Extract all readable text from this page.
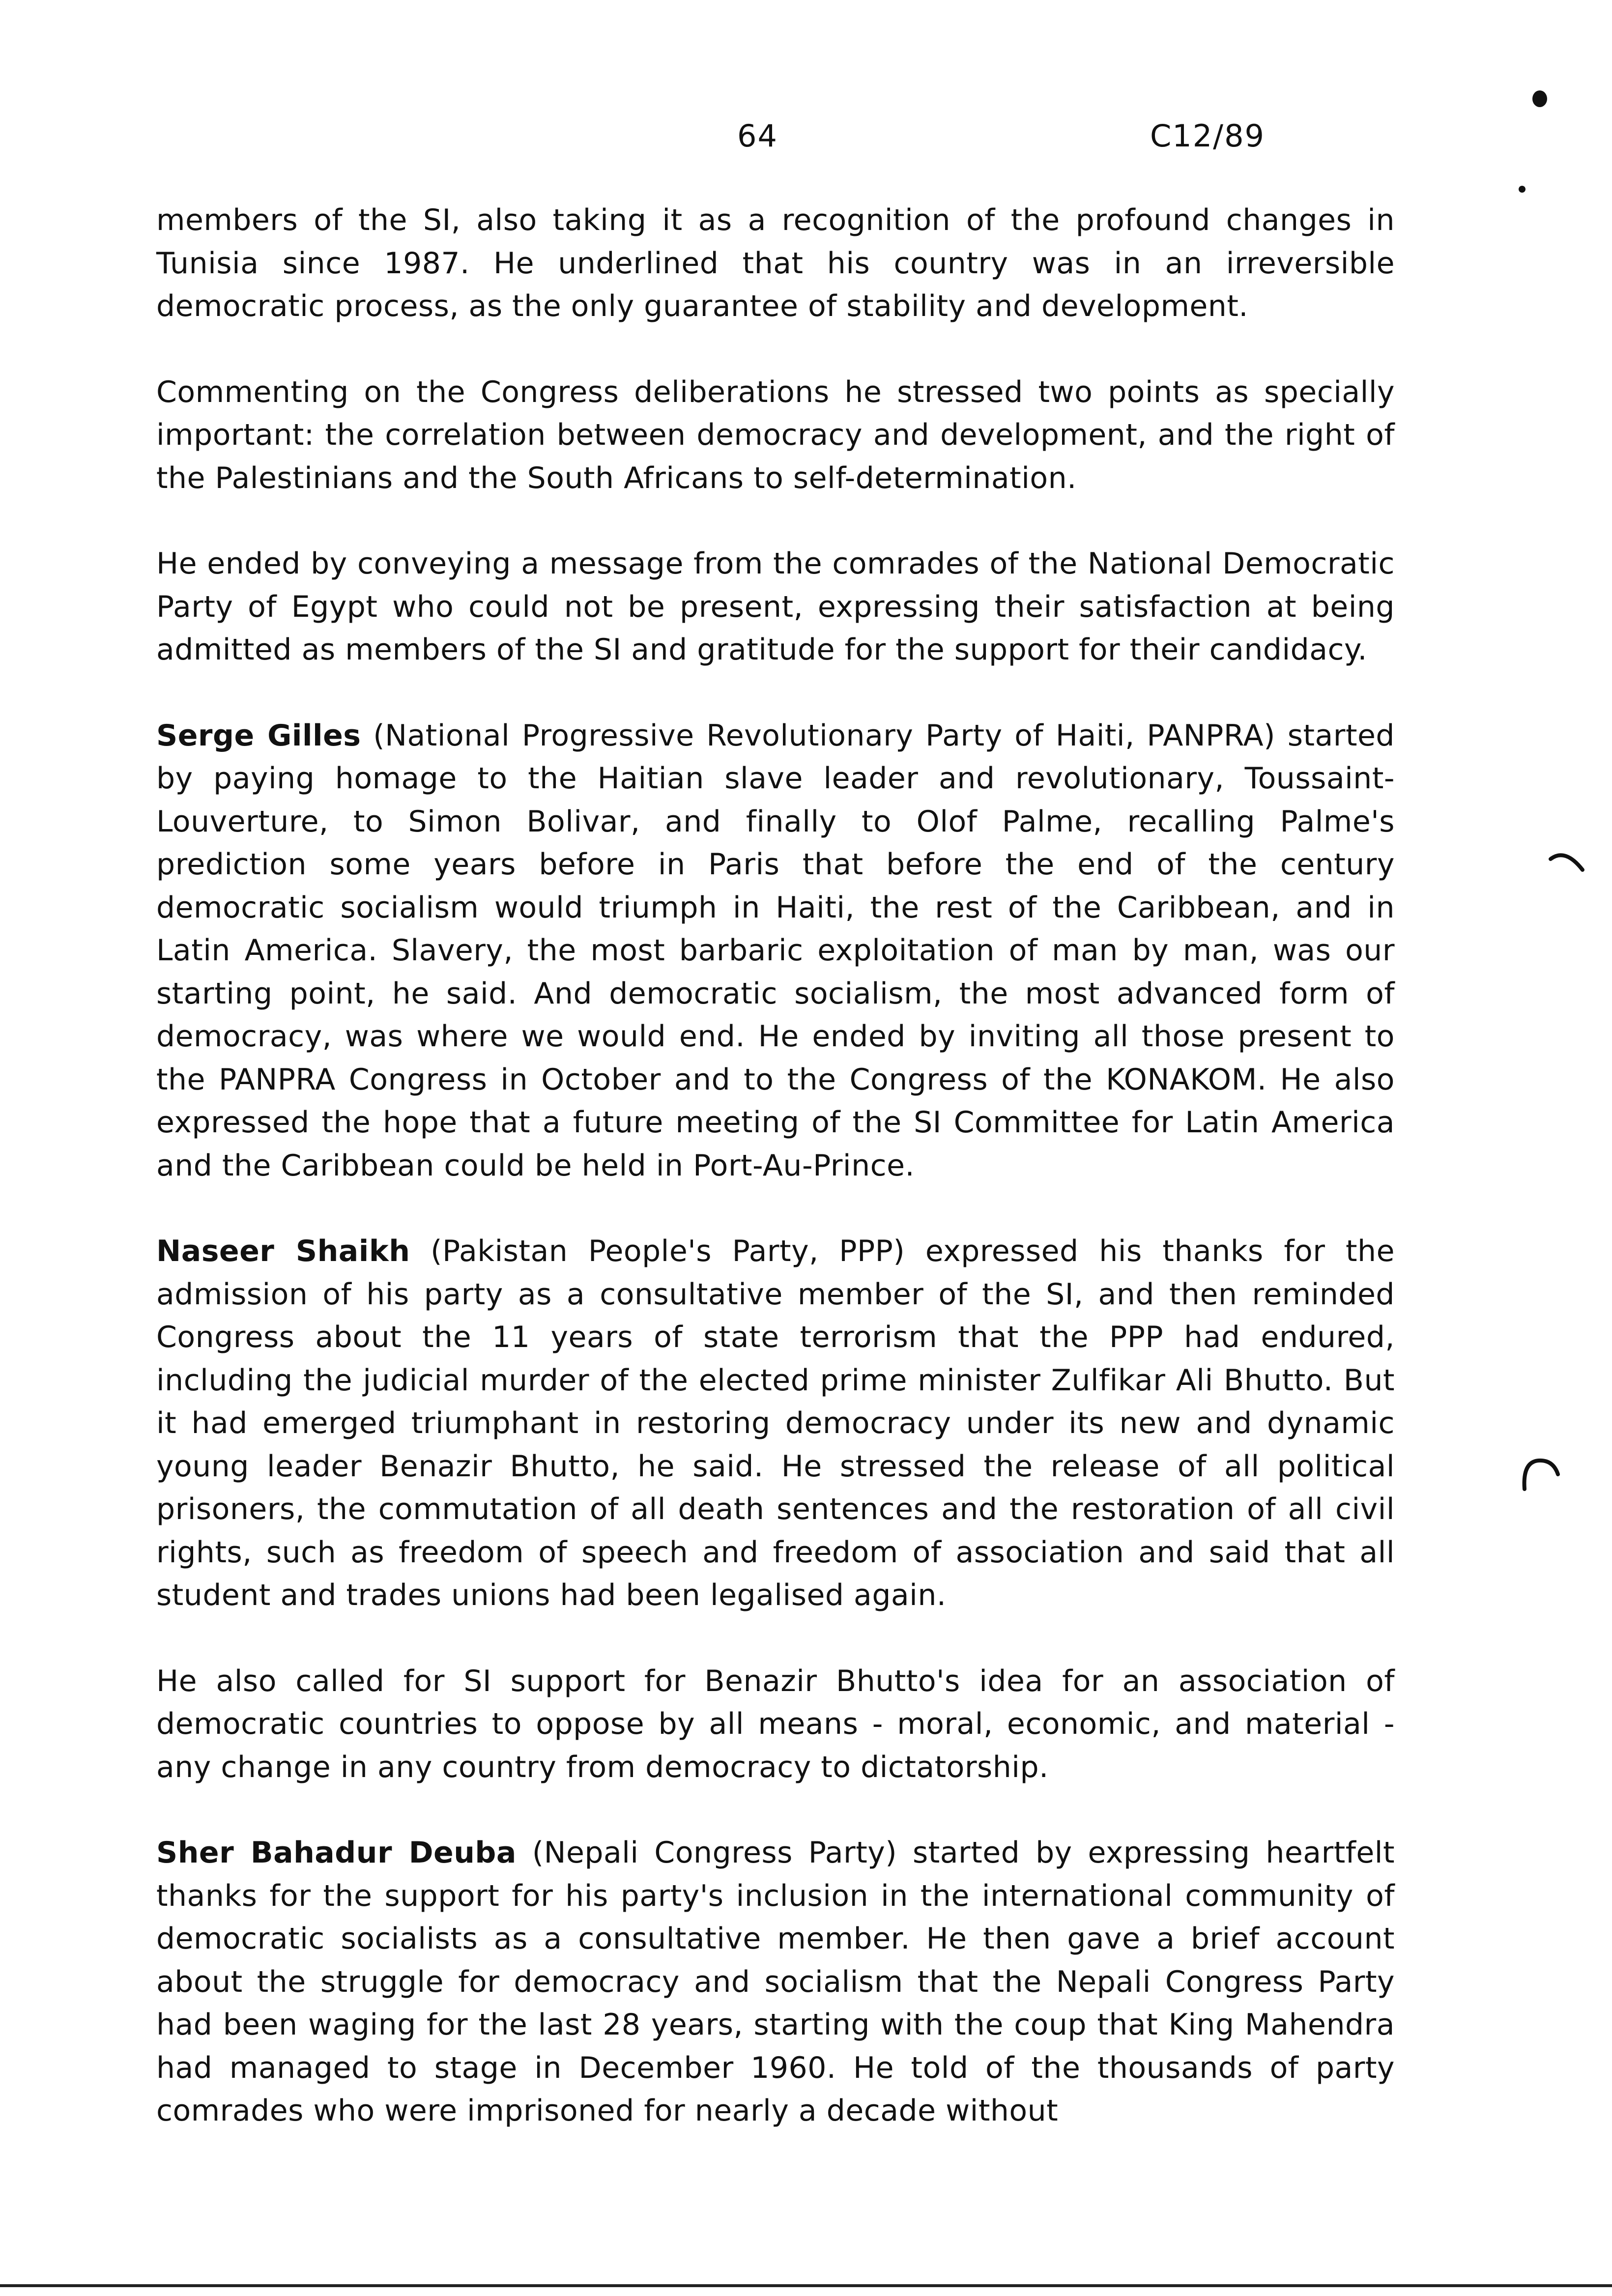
64	C12/89

members of the SI, also taking it as a recognition of the profound changes in Tunisia since 1987. He underlined that his country was in an irreversible democratic process, as the only guarantee of stability and development.

Commenting on the Congress deliberations he stressed two points as specially important: the correlation between democracy and development, and the right of the Palestinians and the South Africans to self-determination.

He ended by conveying a message from the comrades of the National Democratic Party of Egypt who could not be present, expressing their satisfaction at being admitted as members of the SI and gratitude for the support for their candidacy.

Serge Gilles (National Progressive Revolutionary Party of Haiti, PANPRA) started by paying homage to the Haitian slave leader and revolutionary, Toussaint-Louverture, to Simon Bolivar, and finally to Olof Palme, recalling Palme's prediction some years before in Paris that before the end of the century democratic socialism would triumph in Haiti, the rest of the Caribbean, and in Latin America. Slavery, the most barbaric exploitation of man by man, was our starting point, he said. And democratic socialism, the most advanced form of democracy, was where we would end. He ended by inviting all those present to the PANPRA Congress in October and to the Congress of the KONAKOM. He also expressed the hope that a future meeting of the SI Committee for Latin America and the Caribbean could be held in Port-Au-Prince.

Naseer Shaikh (Pakistan People's Party, PPP) expressed his thanks for the admission of his party as a consultative member of the SI, and then reminded Congress about the 11 years of state terrorism that the PPP had endured, including the judicial murder of the elected prime minister Zulfikar Ali Bhutto. But it had emerged triumphant in restoring democracy under its new and dynamic young leader Benazir Bhutto, he said. He stressed the release of all political prisoners, the commutation of all death sentences and the restoration of all civil rights, such as freedom of speech and freedom of association and said that all student and trades unions had been legalised again.

He also called for SI support for Benazir Bhutto's idea for an association of democratic countries to oppose by all means - moral, economic, and material - any change in any country from democracy to dictatorship.

Sher Bahadur Deuba (Nepali Congress Party) started by expressing heartfelt thanks for the support for his party's inclusion in the international community of democratic socialists as a consultative member. He then gave a brief account about the struggle for democracy and socialism that the Nepali Congress Party had been waging for the last 28 years, starting with the coup that King Mahendra had managed to stage in December 1960. He told of the thousands of party comrades who were imprisoned for nearly a decade without
